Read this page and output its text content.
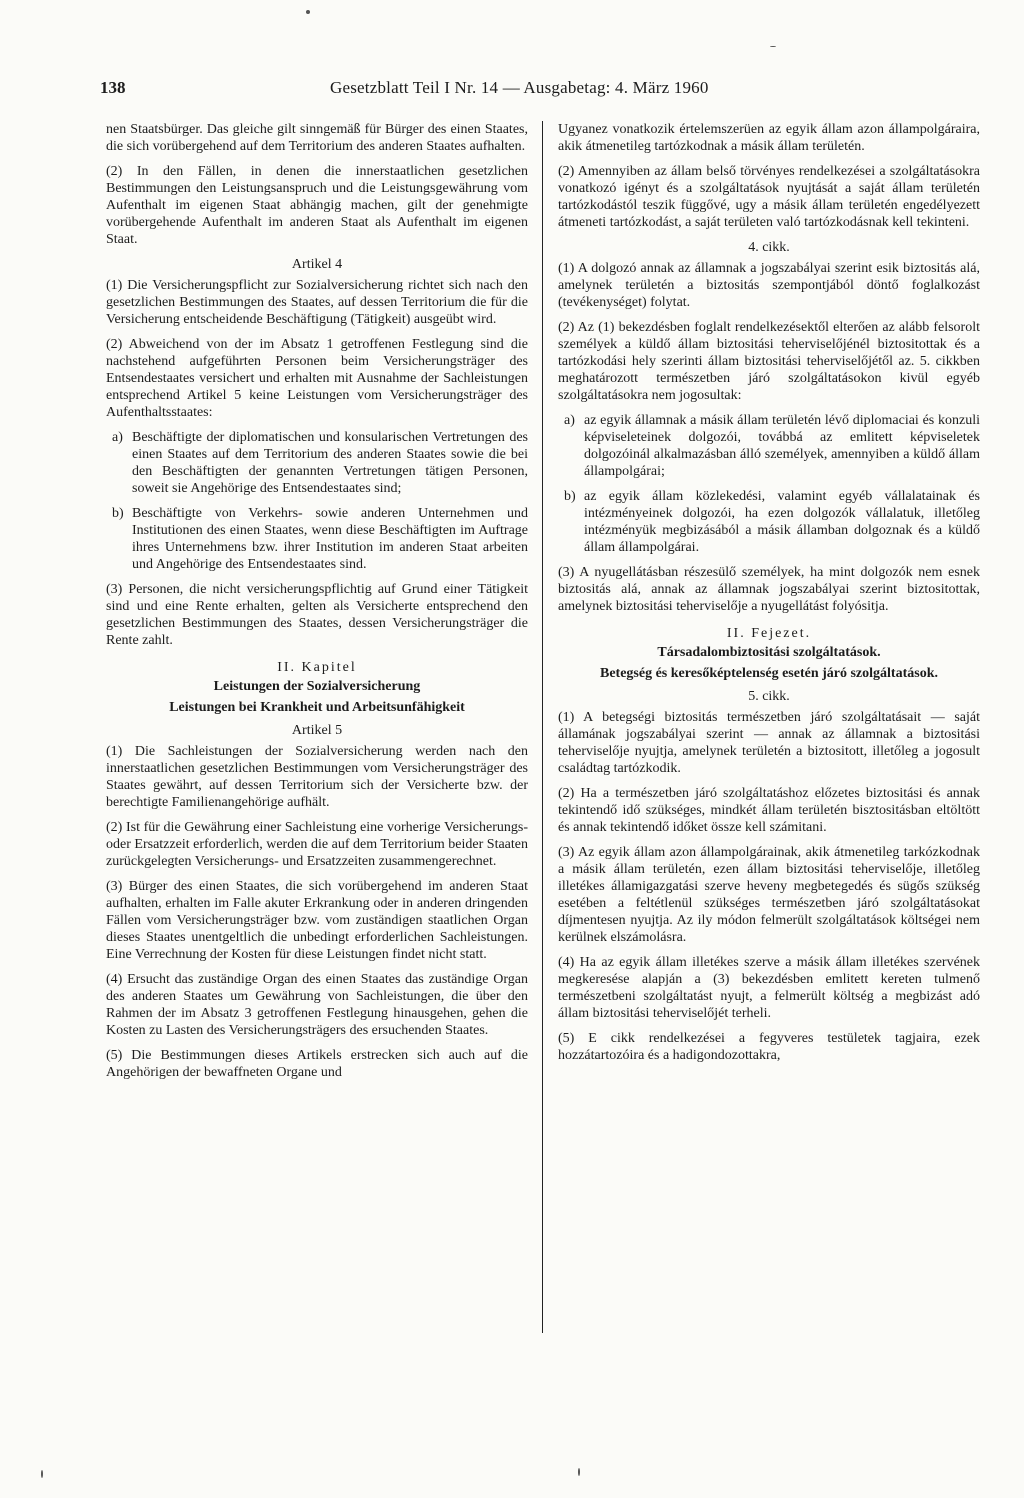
138	Gesetzblatt Teil I Nr. 14 — Ausgabetag: 4. März 1960

nen Staatsbürger. Das gleiche gilt sinngemäß für Bürger des einen Staates, die sich vorübergehend auf dem Territorium des anderen Staates aufhalten.

(2) In den Fällen, in denen die innerstaatlichen gesetzlichen Bestimmungen den Leistungsanspruch und die Leistungsgewährung vom Aufenthalt im eigenen Staat abhängig machen, gilt der genehmigte vorübergehende Aufenthalt im anderen Staat als Aufenthalt im eigenen Staat.

Artikel 4

(1) Die Versicherungspflicht zur Sozialversicherung richtet sich nach den gesetzlichen Bestimmungen des Staates, auf dessen Territorium die für die Versicherung entscheidende Beschäftigung (Tätigkeit) ausgeübt wird.

(2) Abweichend von der im Absatz 1 getroffenen Festlegung sind die nachstehend aufgeführten Personen beim Versicherungsträger des Entsendestaates versichert und erhalten mit Ausnahme der Sachleistungen entsprechend Artikel 5 keine Leistungen vom Versicherungsträger des Aufenthaltsstaates:

a) Beschäftigte der diplomatischen und konsularischen Vertretungen des einen Staates auf dem Territorium des anderen Staates sowie die bei den Beschäftigten der genannten Vertretungen tätigen Personen, soweit sie Angehörige des Entsendestaates sind;
b) Beschäftigte von Verkehrs- sowie anderen Unternehmen und Institutionen des einen Staates, wenn diese Beschäftigten im Auftrage ihres Unternehmens bzw. ihrer Institution im anderen Staat arbeiten und Angehörige des Entsendestaates sind.

(3) Personen, die nicht versicherungspflichtig auf Grund einer Tätigkeit sind und eine Rente erhalten, gelten als Versicherte entsprechend den gesetzlichen Bestimmungen des Staates, dessen Versicherungsträger die Rente zahlt.

II. Kapitel
Leistungen der Sozialversicherung
Leistungen bei Krankheit und Arbeitsunfähigkeit
Artikel 5

(1) Die Sachleistungen der Sozialversicherung werden nach den innerstaatlichen gesetzlichen Bestimmungen vom Versicherungsträger des Staates gewährt, auf dessen Territorium sich der Versicherte bzw. der berechtigte Familienangehörige aufhält.

(2) Ist für die Gewährung einer Sachleistung eine vorherige Versicherungs- oder Ersatzzeit erforderlich, werden die auf dem Territorium beider Staaten zurückgelegten Versicherungs- und Ersatzzeiten zusammengerechnet.

(3) Bürger des einen Staates, die sich vorübergehend im anderen Staat aufhalten, erhalten im Falle akuter Erkrankung oder in anderen dringenden Fällen vom Versicherungsträger bzw. vom zuständigen staatlichen Organ dieses Staates unentgeltlich die unbedingt erforderlichen Sachleistungen. Eine Verrechnung der Kosten für diese Leistungen findet nicht statt.

(4) Ersucht das zuständige Organ des einen Staates das zuständige Organ des anderen Staates um Gewährung von Sachleistungen, die über den Rahmen der im Absatz 3 getroffenen Festlegung hinausgehen, gehen die Kosten zu Lasten des Versicherungsträgers des ersuchenden Staates.

(5) Die Bestimmungen dieses Artikels erstrecken sich auch auf die Angehörigen der bewaffneten Organe und

Ugyanez vonatkozik értelemszerüen az egyik állam azon állampolgáraira, akik átmenetileg tartózkodnak a másik állam területén.

(2) Amennyiben az állam belső törvényes rendelkezései a szolgáltatásokra vonatkozó igényt és a szolgáltatások nyujtását a saját állam területén tartózkodástól teszik függővé, ugy a másik állam területén engedélyezett átmeneti tartózkodást, a saját területen való tartózkodásnak kell tekinteni.

4. cikk.

(1) A dolgozó annak az államnak a jogszabályai szerint esik biztositás alá, amelynek területén a biztositás szempontjából döntő foglalkozást (tevékenységet) folytat.

(2) Az (1) bekezdésben foglalt rendelkezésektől elterően az alább felsorolt személyek a küldő állam biztositási teherviselőjénél biztositottak és a tartózkodási hely szerinti állam biztositási teherviselőjétől az. 5. cikkben meghatározott természetben járó szolgáltatásokon kivül egyéb szolgáltatásokra nem jogosultak:

a) az egyik államnak a másik állam területén lévő diplomaciai és konzuli képviseleteinek dolgozói, továbbá az emlitett képviseletek dolgozóinál alkalmazásban álló személyek, amennyiben a küldő állam állampolgárai;
b) az egyik állam közlekedési, valamint egyéb vállalatainak és intézményeinek dolgozói, ha ezen dolgozók vállalatuk, illetőleg intézményük megbizásából a másik államban dolgoznak és a küldő állam állampolgárai.

(3) A nyugellátásban részesülő személyek, ha mint dolgozók nem esnek biztositás alá, annak az államnak jogszabályai szerint biztositottak, amelynek biztositási teherviselője a nyugellátást folyósitja.

II. Fejezet.
Társadalombiztositási szolgáltatások.
Betegség és keresőképtelenség esetén járó szolgáltatások.
5. cikk.

(1) A betegségi biztositás természetben járó szolgáltatásait — saját államának jogszabályai szerint — annak az államnak a biztositási teherviselője nyujtja, amelynek területén a biztositott, illetőleg a jogosult családtag tartózkodik.

(2) Ha a természetben járó szolgáltatáshoz előzetes biztositási és annak tekintendő idő szükséges, mindkét állam területén bisztositásban eltöltött és annak tekintendő időket össze kell számitani.

(3) Az egyik állam azon állampolgárainak, akik átmenetileg tarkózkodnak a másik állam területén, ezen állam biztositási teherviselője, illetőleg illetékes államigazgatási szerve heveny megbetegedés és sügős szükség esetében a feltétlenül szükséges természetben járó szolgáltatásokat díjmentesen nyujtja. Az ily módon felmerült szolgáltatások költségei nem kerülnek elszámolásra.

(4) Ha az egyik állam illetékes szerve a másik állam illetékes szervének megkeresése alapján a (3) bekezdésben emlitett kereten tulmenő természetbeni szolgáltatást nyujt, a felmerült költség a megbizást adó állam biztositási teherviselőjét terheli.

(5) E cikk rendelkezései a fegyveres testületek tagjaira, ezek hozzátartozóira és a hadigondozottakra,
